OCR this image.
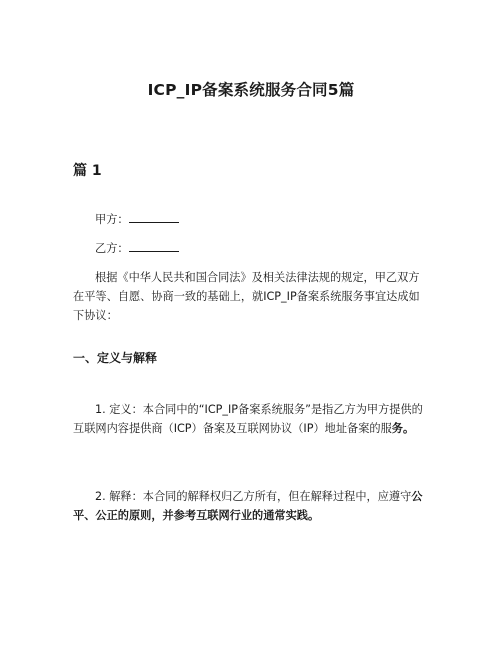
ICP_IP备案系统服务合同5篇
篇 1
甲方：
乙方：
根据《中华人民共和国合同法》及相关法律法规的规定，甲乙双方在平等、自愿、协商一致的基础上，就ICP_IP备案系统服务事宜达成如下协议：
一、定义与解释
1. 定义：本合同中的“ICP_IP备案系统服务”是指乙方为甲方提供的互联网内容提供商（ICP）备案及互联网协议（IP）地址备案的服务。
2. 解释：本合同的解释权归乙方所有，但在解释过程中，应遵守公平、公正的原则，并参考互联网行业的通常实践。
